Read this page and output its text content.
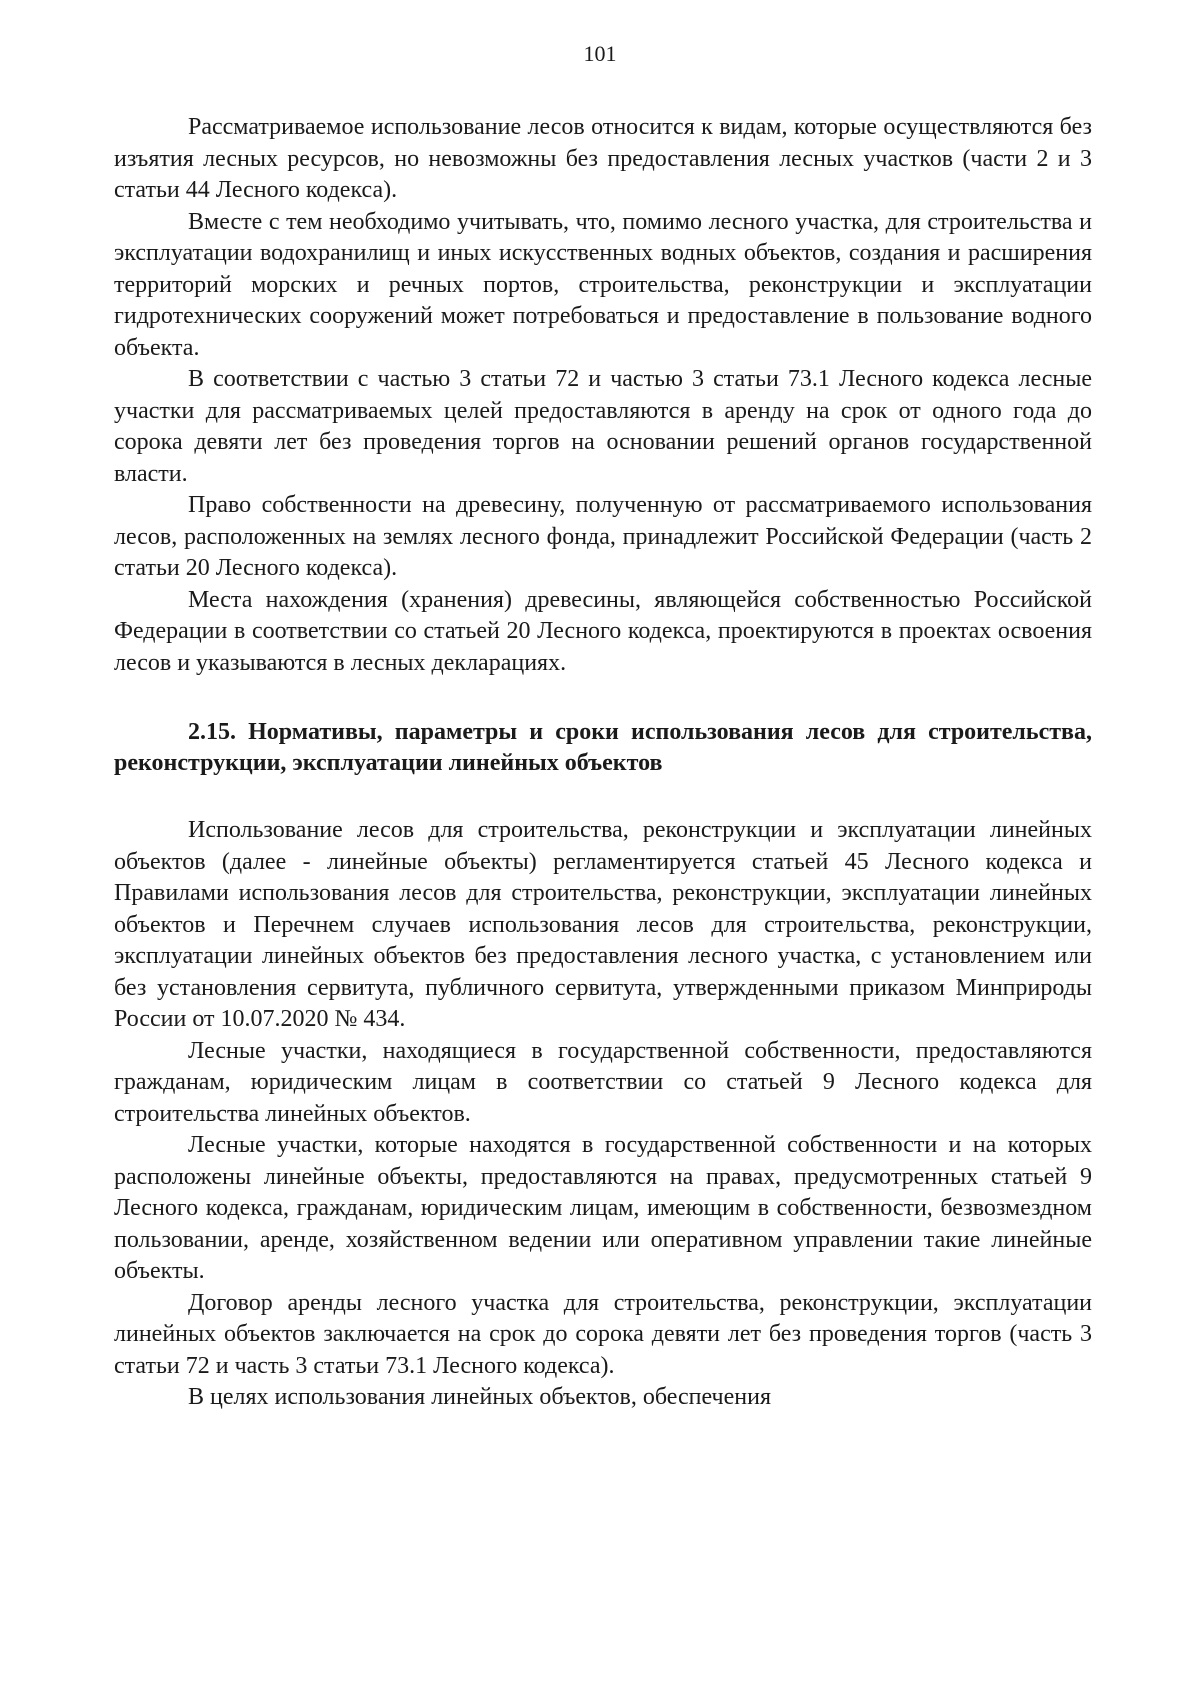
101

Рассматриваемое использование лесов относится к видам, которые осуществляются без изъятия лесных ресурсов, но невозможны без предоставления лесных участков (части 2 и 3 статьи 44 Лесного кодекса).

Вместе с тем необходимо учитывать, что, помимо лесного участка, для строительства и эксплуатации водохранилищ и иных искусственных водных объектов, создания и расширения территорий морских и речных портов, строительства, реконструкции и эксплуатации гидротехнических сооружений может потребоваться и предоставление в пользование водного объекта.

В соответствии с частью 3 статьи 72 и частью 3 статьи 73.1 Лесного кодекса лесные участки для рассматриваемых целей предоставляются в аренду на срок от одного года до сорока девяти лет без проведения торгов на основании решений органов государственной власти.

Право собственности на древесину, полученную от рассматриваемого использования лесов, расположенных на землях лесного фонда, принадлежит Российской Федерации (часть 2 статьи 20 Лесного кодекса).

Места нахождения (хранения) древесины, являющейся собственностью Российской Федерации в соответствии со статьей 20 Лесного кодекса, проектируются в проектах освоения лесов и указываются в лесных декларациях.

2.15. Нормативы, параметры и сроки использования лесов для строительства, реконструкции, эксплуатации линейных объектов

Использование лесов для строительства, реконструкции и эксплуатации линейных объектов (далее - линейные объекты) регламентируется статьей 45 Лесного кодекса и Правилами использования лесов для строительства, реконструкции, эксплуатации линейных объектов и Перечнем случаев использования лесов для строительства, реконструкции, эксплуатации линейных объектов без предоставления лесного участка, с установлением или без установления сервитута, публичного сервитута, утвержденными приказом Минприроды России от 10.07.2020 № 434.

Лесные участки, находящиеся в государственной собственности, предоставляются гражданам, юридическим лицам в соответствии со статьей 9 Лесного кодекса для строительства линейных объектов.

Лесные участки, которые находятся в государственной собственности и на которых расположены линейные объекты, предоставляются на правах, предусмотренных статьей 9 Лесного кодекса, гражданам, юридическим лицам, имеющим в собственности, безвозмездном пользовании, аренде, хозяйственном ведении или оперативном управлении такие линейные объекты.

Договор аренды лесного участка для строительства, реконструкции, эксплуатации линейных объектов заключается на срок до сорока девяти лет без проведения торгов (часть 3 статьи 72 и часть 3 статьи 73.1 Лесного кодекса).

В целях использования линейных объектов, обеспечения
